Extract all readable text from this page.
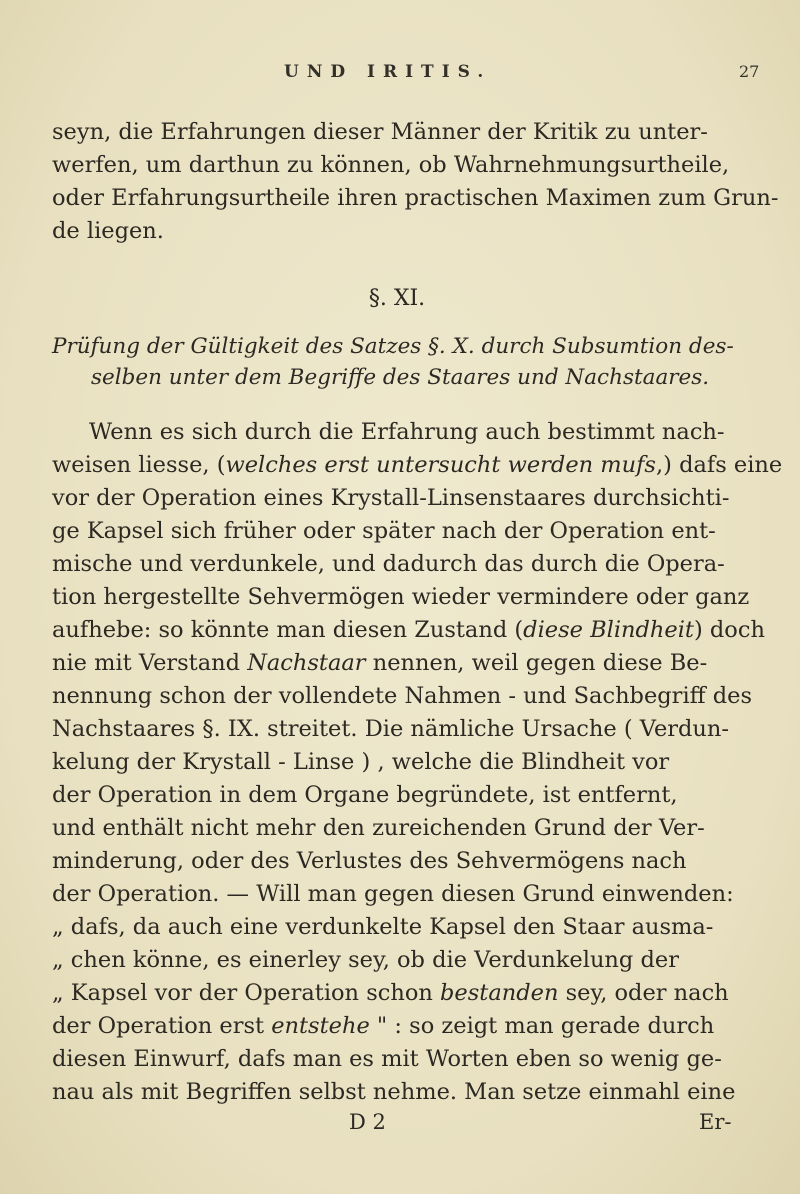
UND IRITIS.	27
seyn, die Erfahrungen dieser Männer der Kritik zu unter-
werfen, um darthun zu können, ob Wahrnehmungsurtheile,
oder Erfahrungsurtheile ihren practischen Maximen zum Grun-
de liegen.
§. XI.
Prüfung der Gültigkeit des Satzes §. X. durch Subsumtion des-
selben unter dem Begriffe des Staares und Nachstaares.
Wenn es sich durch die Erfahrung auch bestimmt nach-
weisen liesse, (welches erst untersucht werden mufs,) dafs eine
vor der Operation eines Krystall-Linsenstaares durchsichti-
ge Kapsel sich früher oder später nach der Operation ent-
mische und verdunkele, und dadurch das durch die Opera-
tion hergestellte Sehvermögen wieder vermindere oder ganz
aufhebe: so könnte man diesen Zustand (diese Blindheit) doch
nie mit Verstand Nachstaar nennen, weil gegen diese Be-
nennung schon der vollendete Nahmen - und Sachbegriff des
Nachstaares §. IX. streitet. Die nämliche Ursache ( Verdun-
kelung der Krystall - Linse ) , welche die Blindheit vor
der Operation in dem Organe begründete, ist entfernt,
und enthält nicht mehr den zureichenden Grund der Ver-
minderung, oder des Verlustes des Sehvermögens nach
der Operation. — Will man gegen diesen Grund einwenden:
„ dafs, da auch eine verdunkelte Kapsel den Staar ausma-
„ chen könne, es einerley sey, ob die Verdunkelung der
„ Kapsel vor der Operation schon bestanden sey, oder nach
der Operation erst entstehe " : so zeigt man gerade durch
diesen Einwurf, dafs man es mit Worten eben so wenig ge-
nau als mit Begriffen selbst nehme. Man setze einmahl eine
D 2	Er-
